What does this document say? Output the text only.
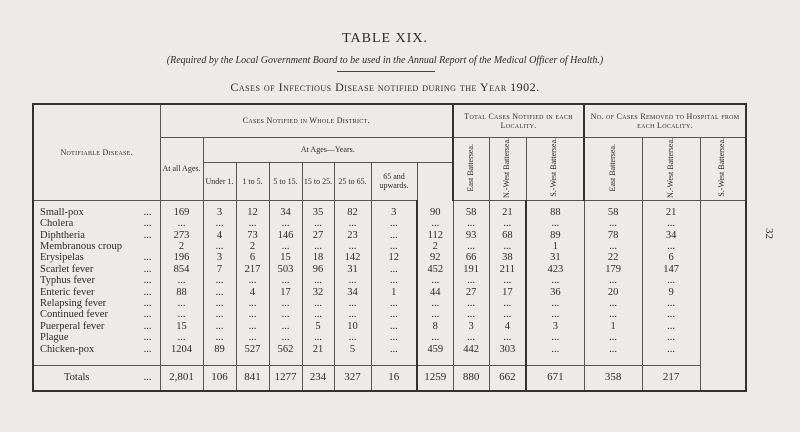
TABLE XIX.
(Required by the Local Government Board to be used in the Annual Report of the Medical Officer of Health.)
Cases of Infectious Disease notified during the Year 1902.
32
Notifiable Disease.	Cases Notified in Whole District.								Total Cases Notified in each Locality.			No. of Cases Removed to Hospital from each Locality.		
	At all Ages.	At Ages—Years.							East Battersea.	N.-West Battersea.	S.-West Battersea.	East Battersea.	N.-West Battersea.	S.-West Battersea.
		Under 1.	1 to 5.	5 to 15.	15 to 25.	25 to 65.	65 and upwards.							

Small-pox ...	169	3	12	34	35	82	3	90	58	21	88	58	21	
Cholera ...	...	...	...	...	...	...	...	...	...	...	...	...	...	
Diphtheria ...	273	4	73	146	27	23	...	112	93	68	89	78	34	
Membranous croup	2	...	2	...	...	...	...	2	...	...	1	...	...	
Erysipelas ...	196	3	6	15	18	142	12	92	66	38	31	22	6	
Scarlet fever ...	854	7	217	503	96	31	...	452	191	211	423	179	147	
Typhus fever ...	...	...	...	...	...	...	...	...	...	...	...	...	...	
Enteric fever ...	88	...	4	17	32	34	1	44	27	17	36	20	9	
Relapsing fever ...	...	...	...	...	...	...	...	...	...	...	...	...	...	
Continued fever ...	...	...	...	...	...	...	...	...	...	...	...	...	...	
Puerperal fever ...	15	...	...	...	5	10	...	8	3	4	3	1	...	
Plague ...	...	...	...	...	...	...	...	...	...	...	...	...	...	
Chicken-pox ...	1204	89	527	562	21	5	...	459	442	303	...	...	...	

Totals ...	2,801	106	841	1277	234	327	16	1259	880	662	671	358	217	
